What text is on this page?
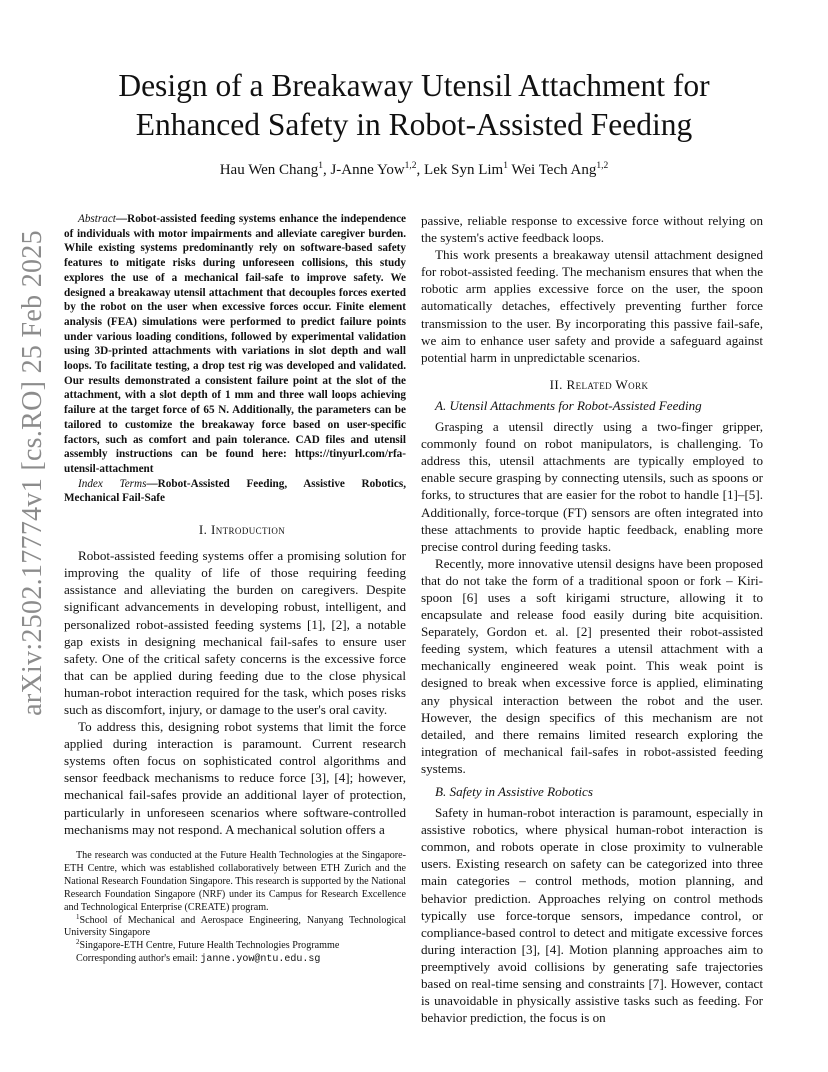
arXiv:2502.17774v1 [cs.RO] 25 Feb 2025
Design of a Breakaway Utensil Attachment for
Enhanced Safety in Robot-Assisted Feeding
Hau Wen Chang$^1$, J-Anne Yow$^{1,2}$, Lek Syn Lim$^1$ Wei Tech Ang$^{1,2}$

Abstract—Robot-assisted feeding systems enhance the independence of individuals with motor impairments and alleviate caregiver burden. While existing systems predominantly rely on software-based safety features to mitigate risks during unforeseen collisions, this study explores the use of a mechanical fail-safe to improve safety. We designed a breakaway utensil attachment that decouples forces exerted by the robot on the user when excessive forces occur. Finite element analysis (FEA) simulations were performed to predict failure points under various loading conditions, followed by experimental validation using 3D-printed attachments with variations in slot depth and wall loops. To facilitate testing, a drop test rig was developed and validated. Our results demonstrated a consistent failure point at the slot of the attachment, with a slot depth of 1 mm and three wall loops achieving failure at the target force of 65 N. Additionally, the parameters can be tailored to customize the breakaway force based on user-specific factors, such as comfort and pain tolerance. CAD files and utensil assembly instructions can be found here: https://tinyurl.com/rfa-utensil-attachment

Index Terms—Robot-Assisted Feeding, Assistive Robotics, Mechanical Fail-Safe

I. Introduction

Robot-assisted feeding systems offer a promising solution for improving the quality of life of those requiring feeding assistance and alleviating the burden on caregivers. Despite significant advancements in developing robust, intelligent, and personalized robot-assisted feeding systems [1], [2], a notable gap exists in designing mechanical fail-safes to ensure user safety. One of the critical safety concerns is the excessive force that can be applied during feeding due to the close physical human-robot interaction required for the task, which poses risks such as discomfort, injury, or damage to the user's oral cavity.

To address this, designing robot systems that limit the force applied during interaction is paramount. Current research systems often focus on sophisticated control algorithms and sensor feedback mechanisms to reduce force [3], [4]; however, mechanical fail-safes provide an additional layer of protection, particularly in unforeseen scenarios where software-controlled mechanisms may not respond. A mechanical solution offers a

The research was conducted at the Future Health Technologies at the Singapore-ETH Centre, which was established collaboratively between ETH Zurich and the National Research Foundation Singapore. This research is supported by the National Research Foundation Singapore (NRF) under its Campus for Research Excellence and Technological Enterprise (CREATE) program.

$^1$School of Mechanical and Aerospace Engineering, Nanyang Technological University Singapore

$^2$Singapore-ETH Centre, Future Health Technologies Programme

Corresponding author's email: janne.yow@ntu.edu.sg

passive, reliable response to excessive force without relying on the system's active feedback loops.

This work presents a breakaway utensil attachment designed for robot-assisted feeding. The mechanism ensures that when the robotic arm applies excessive force on the user, the spoon automatically detaches, effectively preventing further force transmission to the user. By incorporating this passive fail-safe, we aim to enhance user safety and provide a safeguard against potential harm in unpredictable scenarios.

II. Related Work

A. Utensil Attachments for Robot-Assisted Feeding

Grasping a utensil directly using a two-finger gripper, commonly found on robot manipulators, is challenging. To address this, utensil attachments are typically employed to enable secure grasping by connecting utensils, such as spoons or forks, to structures that are easier for the robot to handle [1]–[5]. Additionally, force-torque (FT) sensors are often integrated into these attachments to provide haptic feedback, enabling more precise control during feeding tasks.

Recently, more innovative utensil designs have been proposed that do not take the form of a traditional spoon or fork – Kiri-spoon [6] uses a soft kirigami structure, allowing it to encapsulate and release food easily during bite acquisition. Separately, Gordon et. al. [2] presented their robot-assisted feeding system, which features a utensil attachment with a mechanically engineered weak point. This weak point is designed to break when excessive force is applied, eliminating any physical interaction between the robot and the user. However, the design specifics of this mechanism are not detailed, and there remains limited research exploring the integration of mechanical fail-safes in robot-assisted feeding systems.

B. Safety in Assistive Robotics

Safety in human-robot interaction is paramount, especially in assistive robotics, where physical human-robot interaction is common, and robots operate in close proximity to vulnerable users. Existing research on safety can be categorized into three main categories – control methods, motion planning, and behavior prediction. Approaches relying on control methods typically use force-torque sensors, impedance control, or compliance-based control to detect and mitigate excessive forces during interaction [3], [4]. Motion planning approaches aim to preemptively avoid collisions by generating safe trajectories based on real-time sensing and constraints [7]. However, contact is unavoidable in physically assistive tasks such as feeding. For behavior prediction, the focus is on
